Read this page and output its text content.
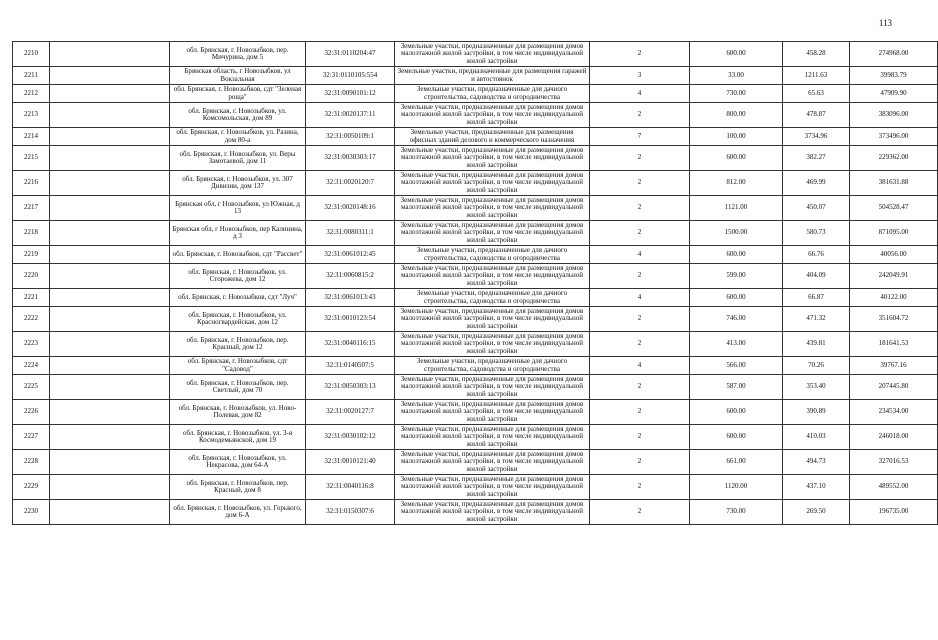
113
2210		обл. Брянская, г. Новозыбков, пер. Мичурина, дом 5	32:31:0110204:47	Земельные участки, предназначенные для размещения домов малоэтажной жилой застройки, в том числе индивидуальной жилой застройки	2	600.00	458.28	274968.00
2211		Брянская область, г Новозыбков, ул Вокзальная	32:31:0110105:554	Земельные участки, предназначенные для размещения гаражей и автостоянок	3	33.00	1211.63	39983.79
2212		обл. Брянская, г. Новозыбков, сдт "Зеленая роща"	32:31:0090101:12	Земельные участки, предназначенные для дачного строительства, садоводства и огородничества	4	730.00	65.63	47909.90
2213		обл. Брянская, г. Новозыбков, ул. Комсомольская, дом 89	32:31:0020137:11	Земельные участки, предназначенные для размещения домов малоэтажной жилой застройки, в том числе индивидуальной жилой застройки	2	800.00	478.87	383096.00
2214		обл. Брянская, г. Новозыбков, ул. Разина, дом 80-а	32:31:0050109:1	Земельные участки, предназначенные для размещения офисных зданий делового и коммерческого назначения	7	100.00	3734.96	373496.00
2215		обл. Брянская, г. Новозыбков, ул. Веры Замотаевой, дом 11	32:31:0030303:17	Земельные участки, предназначенные для размещения домов малоэтажной жилой застройки, в том числе индивидуальной жилой застройки	2	600.00	382.27	229362.00
2216		обл. Брянская, г. Новозыбков, ул. 307 Дивизии, дом 137	32:31:0020120:7	Земельные участки, предназначенные для размещения домов малоэтажной жилой застройки, в том числе индивидуальной жилой застройки	2	812.00	469.99	381631.88
2217		Брянская обл, г Новозыбков, ул Южная, д 13	32:31:0020148:16	Земельные участки, предназначенные для размещения домов малоэтажной жилой застройки, в том числе индивидуальной жилой застройки	2	1121.00	450.07	504528.47
2218		Брянская обл, г Новозыбков, пер Калинина, д 3	32:31:0080311:1	Земельные участки, предназначенные для размещения домов малоэтажной жилой застройки, в том числе индивидуальной жилой застройки	2	1500.00	580.73	871095.00
2219		обл. Брянская, г. Новозыбков, сдт "Рассвет"	32:31:0061012:45	Земельные участки, предназначенные для дачного строительства, садоводства и огородничества	4	600.00	66.76	40056.00
2220		обл. Брянская, г. Новозыбков, ул. Сторожева, дом 12	32:31:0060815:2	Земельные участки, предназначенные для размещения домов малоэтажной жилой застройки, в том числе индивидуальной жилой застройки	2	599.00	404.09	242049.91
2221		обл. Брянская, г. Новозыбков, сдт "Луч"	32:31:0061013:43	Земельные участки, предназначенные для дачного строительства, садоводства и огородничества	4	600.00	66.87	40122.00
2222		обл. Брянская, г. Новозыбков, ул. Красногвардейская, дом 12	32:31:0010123:54	Земельные участки, предназначенные для размещения домов малоэтажной жилой застройки, в том числе индивидуальной жилой застройки	2	746.00	471.32	351604.72
2223		обл. Брянская, г. Новозыбков, пер. Красный, дом 12	32:31:0040116:15	Земельные участки, предназначенные для размещения домов малоэтажной жилой застройки, в том числе индивидуальной жилой застройки	2	413.00	439.81	181641.53
2224		обл. Брянская, г. Новозыбков, сдт "Садовод"	32:31:0140507:5	Земельные участки, предназначенные для дачного строительства, садоводства и огородничества	4	566.00	70.26	39767.16
2225		обл. Брянская, г. Новозыбков, пер. Светлый, дом 70	32:31:0050303:13	Земельные участки, предназначенные для размещения домов малоэтажной жилой застройки, в том числе индивидуальной жилой застройки	2	587.00	353.40	207445.80
2226		обл. Брянская, г. Новозыбков, ул. Ново-Полевая, дом 82	32:31:0020127:7	Земельные участки, предназначенные для размещения домов малоэтажной жилой застройки, в том числе индивидуальной жилой застройки	2	600.00	390.89	234534.00
2227		обл. Брянская, г. Новозыбков, ул. 3-я Космодемьянской, дом 19	32:31:0030102:12	Земельные участки, предназначенные для размещения домов малоэтажной жилой застройки, в том числе индивидуальной жилой застройки	2	600.00	410.03	246018.00
2228		обл. Брянская, г. Новозыбков, ул. Некрасова, дом 64-А	32:31:0010121:40	Земельные участки, предназначенные для размещения домов малоэтажной жилой застройки, в том числе индивидуальной жилой застройки	2	661.00	494.73	327016.53
2229		обл. Брянская, г. Новозыбков, пер. Красный, дом 8	32:31:0040116:8	Земельные участки, предназначенные для размещения домов малоэтажной жилой застройки, в том числе индивидуальной жилой застройки	2	1120.00	437.10	489552.00
2230		обл. Брянская, г. Новозыбков, ул. Горького, дом 6-А	32:31:0150307:6	Земельные участки, предназначенные для размещения домов малоэтажной жилой застройки, в том числе индивидуальной жилой застройки	2	730.00	269.50	196735.00
